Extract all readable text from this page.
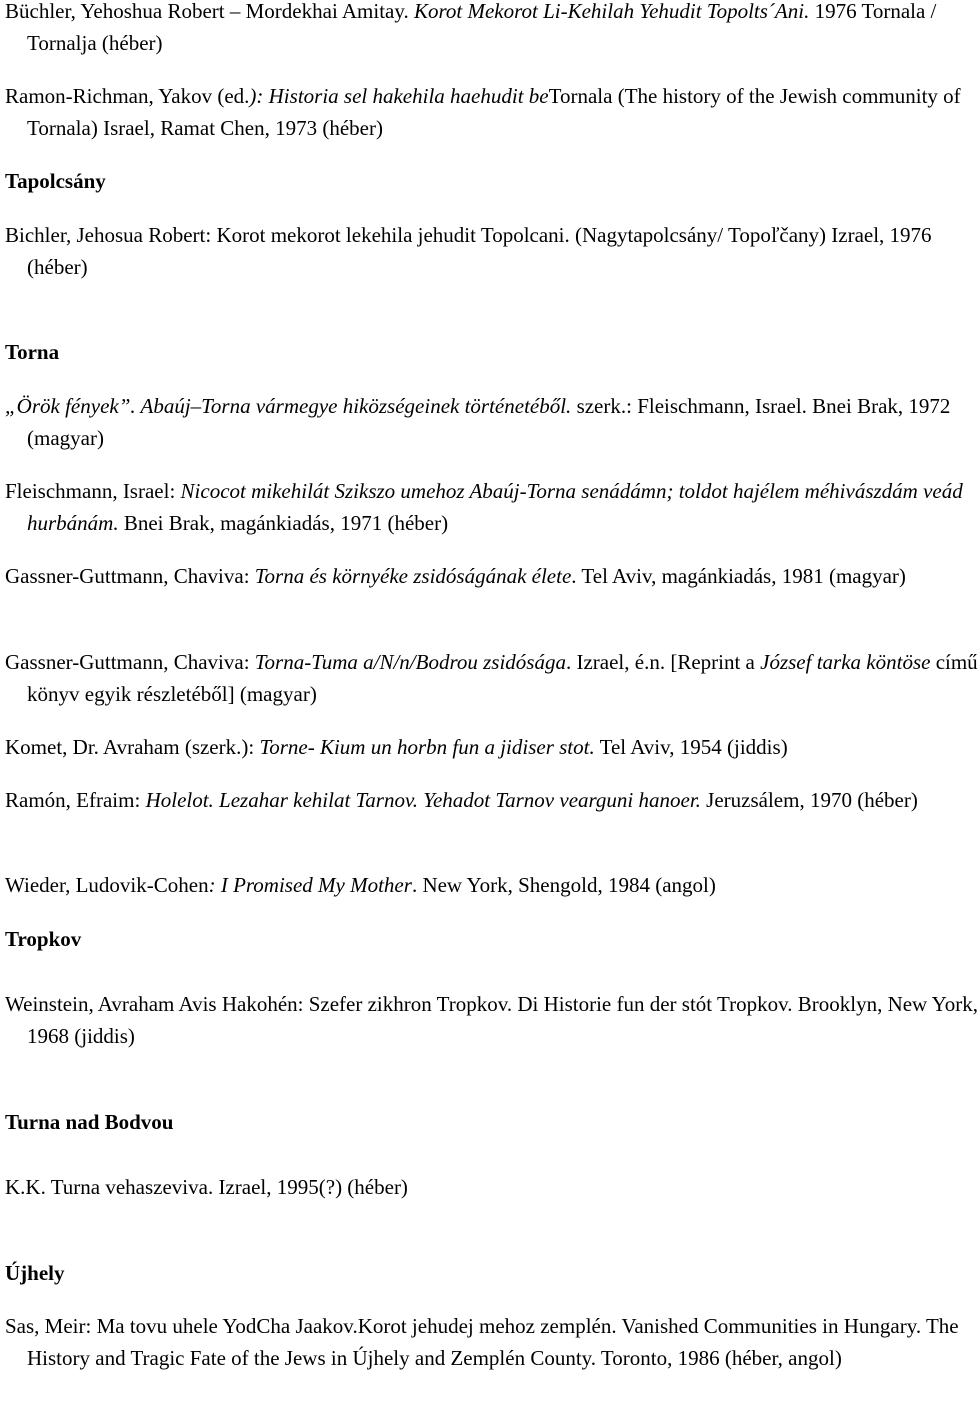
Büchler, Yehoshua Robert – Mordekhai Amitay. Korot Mekorot Li-Kehilah Yehudit Topolts´Ani. 1976 Tornala / Tornalja (héber)

Ramon-Richman, Yakov (ed.): Historia sel hakehila haehudit beTornala (The history of the Jewish community of Tornala) Israel, Ramat Chen, 1973 (héber)

Tapolcsány

Bichler, Jehosua Robert: Korot mekorot lekehila jehudit Topolcani. (Nagytapolcsány/ Topoľčany) Izrael, 1976 (héber)

Torna

„Örök fények”. Abaúj–Torna vármegye hiközségeinek történetéből. szerk.: Fleischmann, Israel. Bnei Brak, 1972 (magyar)

Fleischmann, Israel: Nicocot mikehilát Szikszo umehoz Abaúj-Torna senádámn; toldot hajélem méhivászdám veád hurbánám. Bnei Brak, magánkiadás, 1971 (héber)

Gassner-Guttmann, Chaviva: Torna és környéke zsidóságának élete. Tel Aviv, magánkiadás, 1981 (magyar)

Gassner-Guttmann, Chaviva: Torna-Tuma a/N/n/Bodrou zsidósága. Izrael, é.n. [Reprint a József tarka köntöse című könyv egyik részletéből] (magyar)

Komet, Dr. Avraham (szerk.): Torne- Kium un horbn fun a jidiser stot. Tel Aviv, 1954 (jiddis)

Ramón, Efraim: Holelot. Lezahar kehilat Tarnov. Yehadot Tarnov vearguni hanoer. Jeruzsálem, 1970 (héber)

Wieder, Ludovik-Cohen: I Promised My Mother. New York, Shengold, 1984 (angol)

Tropkov

Weinstein, Avraham Avis Hakohén: Szefer zikhron Tropkov. Di Historie fun der stót Tropkov. Brooklyn, New York, 1968 (jiddis)

Turna nad Bodvou

K.K. Turna vehaszeviva. Izrael, 1995(?) (héber)

Újhely

Sas, Meir: Ma tovu uhele YodCha Jaakov.Korot jehudej mehoz zemplén. Vanished Communities in Hungary. The History and Tragic Fate of the Jews in Újhely and Zemplén County. Toronto, 1986 (héber, angol)
